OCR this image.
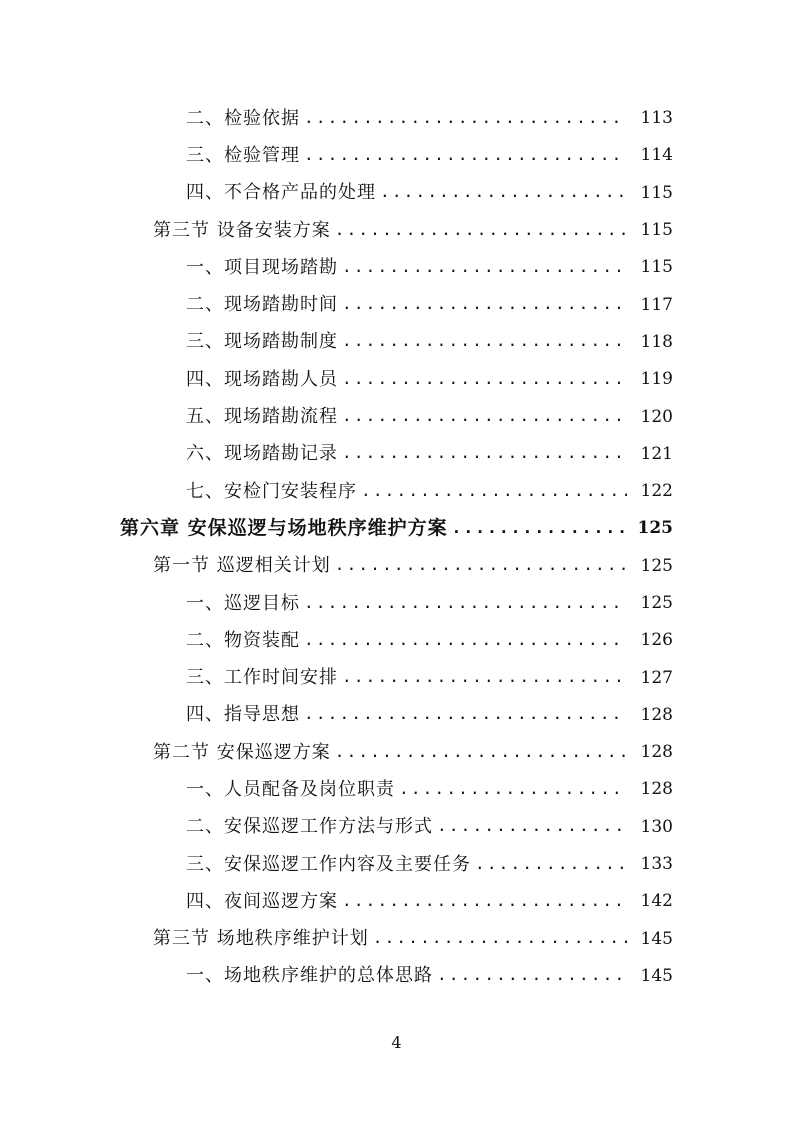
二、检验依据 .....	113
三、检验管理 .....	114
四、不合格产品的处理 .....	115
第三节 设备安装方案 .....	115
一、项目现场踏勘 .....	115
二、现场踏勘时间 .....	117
三、现场踏勘制度 .....	118
四、现场踏勘人员 .....	119
五、现场踏勘流程 .....	120
六、现场踏勘记录 .....	121
七、安检门安装程序 .....	122
第六章 安保巡逻与场地秩序维护方案 .....	125
第一节 巡逻相关计划 .....	125
一、巡逻目标 .....	125
二、物资装配 .....	126
三、工作时间安排 .....	127
四、指导思想 .....	128
第二节 安保巡逻方案 .....	128
一、人员配备及岗位职责 .....	128
二、安保巡逻工作方法与形式 .....	130
三、安保巡逻工作内容及主要任务 .....	133
四、夜间巡逻方案 .....	142
第三节 场地秩序维护计划 .....	145
一、场地秩序维护的总体思路 .....	145
4
